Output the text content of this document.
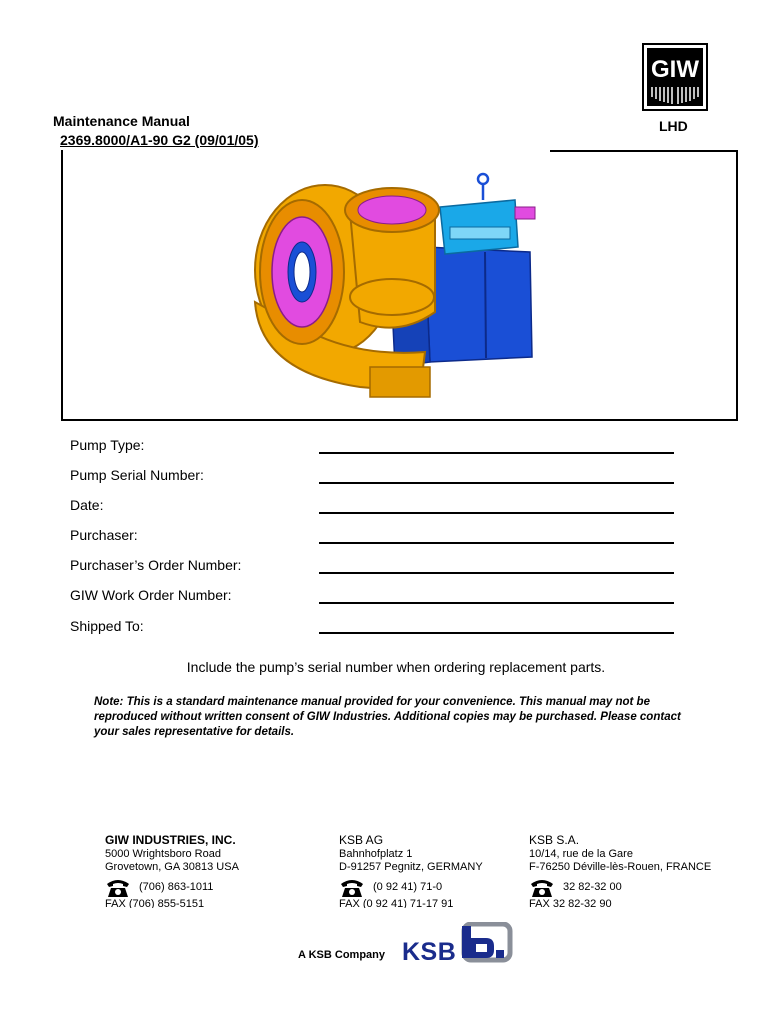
Maintenance Manual
2369.8000/A1-90 G2 (09/01/05)
GIW
LHD
Pump Type:
Pump Serial Number:
Date:
Purchaser:
Purchaser’s Order Number:
GIW Work Order Number:
Shipped To:
Include the pump’s serial number when ordering replacement parts.
Note: This is a standard maintenance manual provided for your convenience. This manual may not be reproduced without written consent of GIW Industries. Additional copies may be purchased. Please contact your sales representative for details.
GIW INDUSTRIES, INC.
5000 Wrightsboro Road
Grovetown, GA 30813 USA
(706) 863-1011
FAX (706) 855-5151
KSB AG
Bahnhofplatz 1
D-91257 Pegnitz, GERMANY
(0 92 41) 71-0
FAX (0 92 41) 71-17 91
KSB S.A.
10/14, rue de la Gare
F-76250 Déville-lès-Rouen, FRANCE
32 82-32 00
FAX 32 82-32 90
A KSB Company KSB
